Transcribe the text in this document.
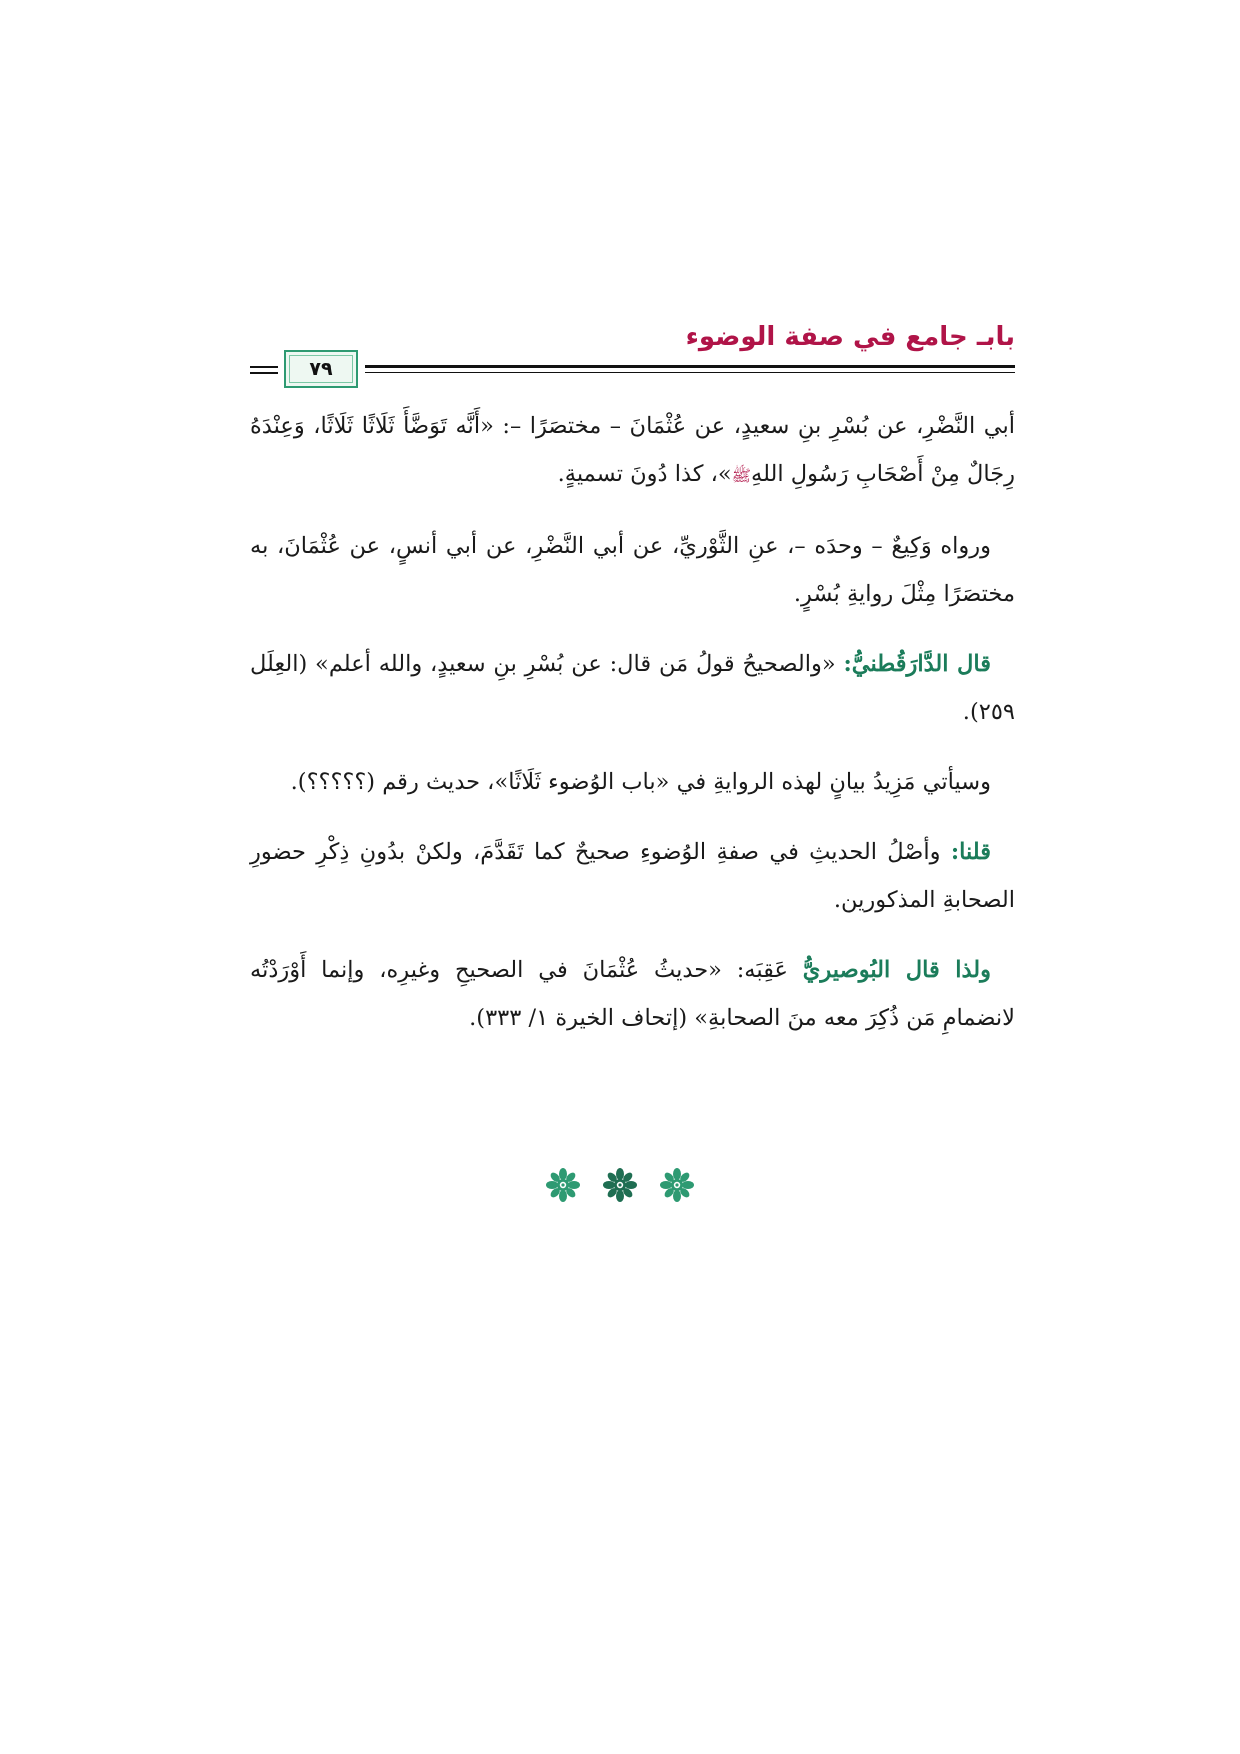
بابـ جامع في صفة الوضوء
٧٩

أبي النَّضْرِ، عن بُسْرِ بنِ سعيدٍ، عن عُثْمَانَ – مختصَرًا –: «أَنَّه تَوَضَّأَ ثَلَاثًا ثَلَاثًا، وَعِنْدَهُ رِجَالٌ مِنْ أَصْحَابِ رَسُولِ اللهِﷺ»، كذا دُونَ تسميةٍ.

ورواه وَكِيعٌ – وحدَه –، عنِ الثَّوْريِّ، عن أبي النَّضْرِ، عن أبي أنسٍ، عن عُثْمَانَ، به مختصَرًا مِثْلَ روايةِ بُسْرٍ.

قال الدَّارَقُطنيُّ: «والصحيحُ قولُ مَن قال: عن بُسْرِ بنِ سعيدٍ، والله أعلم» (العِلَل ٢٥٩).

وسيأتي مَزِيدُ بيانٍ لهذه الروايةِ في «باب الوُضوء ثَلَاثًا»، حديث رقم (؟؟؟؟؟).

قلنا: وأصْلُ الحديثِ في صفةِ الوُضوءِ صحيحٌ كما تَقَدَّمَ، ولكنْ بدُونِ ذِكْرِ حضورِ الصحابةِ المذكورين.

ولذا قال البُوصيريُّ عَقِبَه: «حديثُ عُثْمَانَ في الصحيحِ وغيرِه، وإنما أَوْرَدْتُه لانضمامِ مَن ذُكِرَ معه منَ الصحابةِ» (إتحاف الخيرة ١/ ٣٣٣).
